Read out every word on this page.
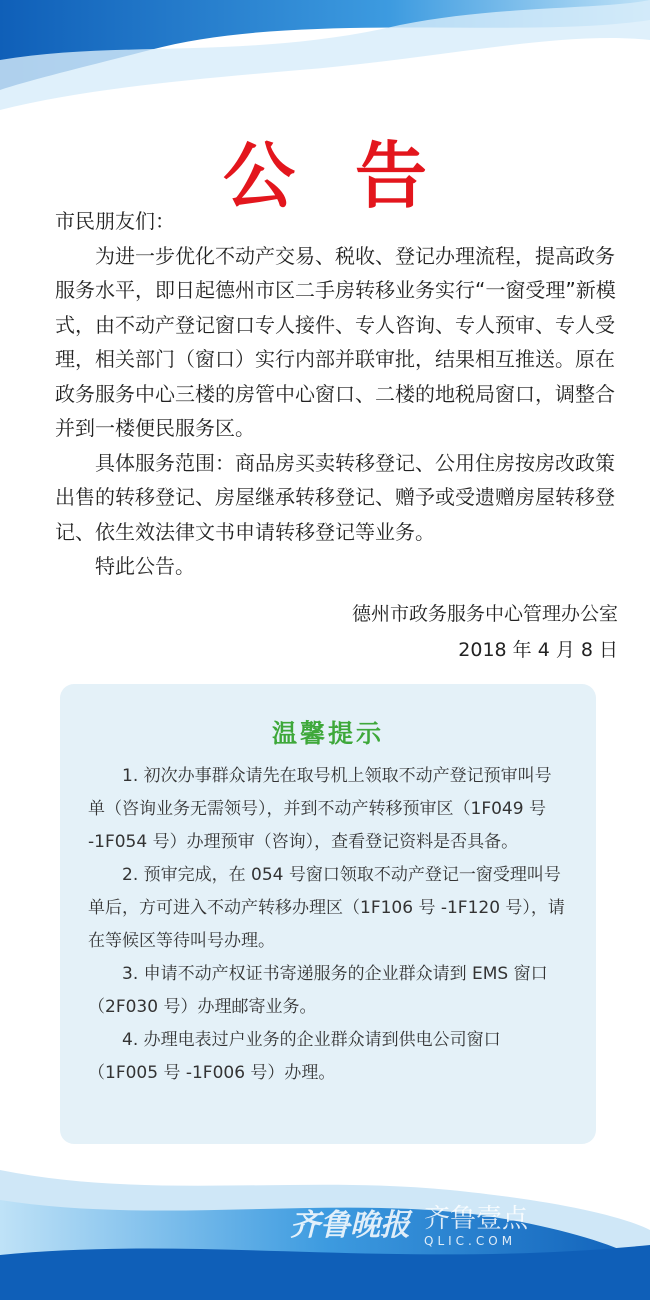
公告

市民朋友们：

为进一步优化不动产交易、税收、登记办理流程，提高政务服务水平，即日起德州市区二手房转移业务实行“一窗受理”新模式，由不动产登记窗口专人接件、专人咨询、专人预审、专人受理，相关部门（窗口）实行内部并联审批，结果相互推送。原在政务服务中心三楼的房管中心窗口、二楼的地税局窗口，调整合并到一楼便民服务区。

具体服务范围：商品房买卖转移登记、公用住房按房改政策出售的转移登记、房屋继承转移登记、赠予或受遗赠房屋转移登记、依生效法律文书申请转移登记等业务。

特此公告。

德州市政务服务中心管理办公室
2018 年 4 月 8 日
温馨提示

1. 初次办事群众请先在取号机上领取不动产登记预审叫号单（咨询业务无需领号），并到不动产转移预审区（1F049 号 -1F054 号）办理预审（咨询），查看登记资料是否具备。

2. 预审完成，在 054 号窗口领取不动产登记一窗受理叫号单后，方可进入不动产转移办理区（1F106 号 -1F120 号），请在等候区等待叫号办理。

3. 申请不动产权证书寄递服务的企业群众请到 EMS 窗口（2F030 号）办理邮寄业务。

4. 办理电表过户业务的企业群众请到供电公司窗口（1F005 号 -1F006 号）办理。

齐鲁晚报 齐鲁壹点
QLIC.COM
